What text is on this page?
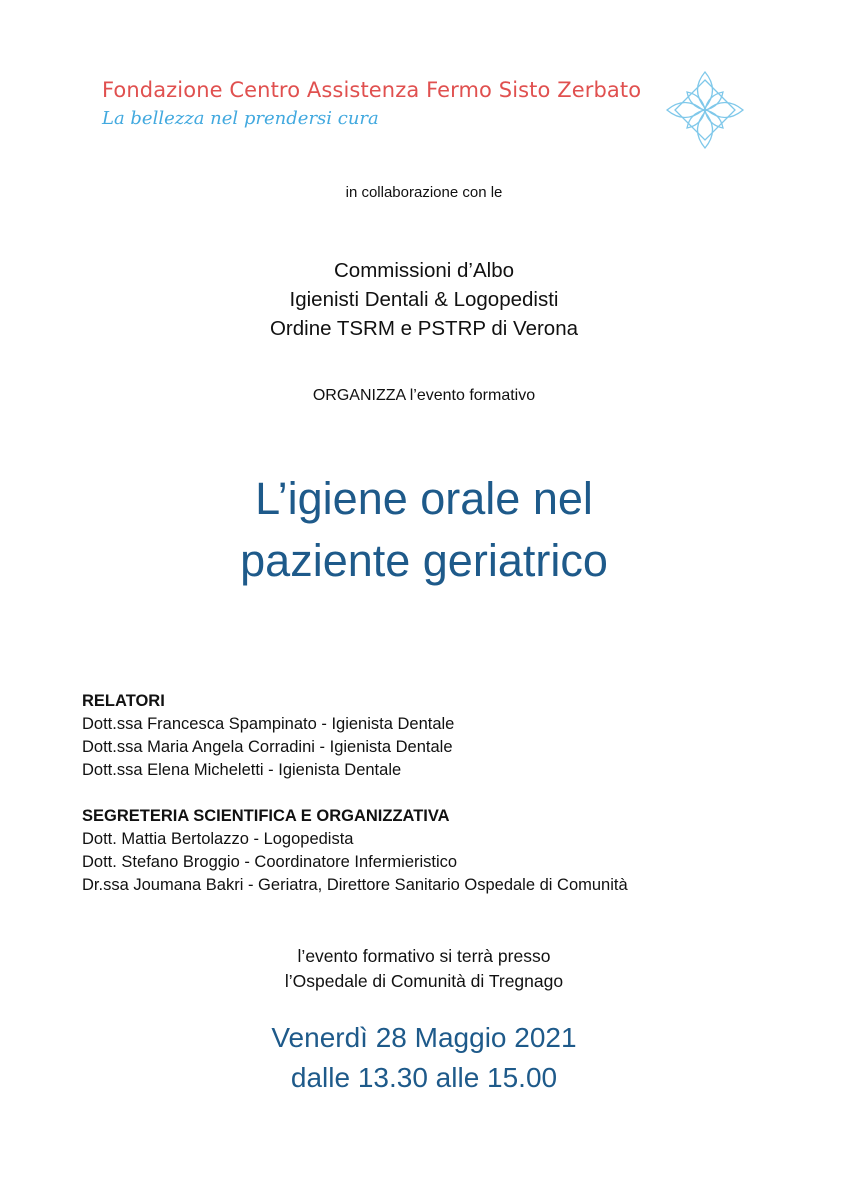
Fondazione Centro Assistenza Fermo Sisto Zerbato
La bellezza nel prendersi cura
in collaborazione con le
Commissioni d’Albo
Igienisti Dentali & Logopedisti
Ordine TSRM e PSTRP di Verona
ORGANIZZA l’evento formativo
L’igiene orale nel
paziente geriatrico
RELATORI
Dott.ssa Francesca Spampinato - Igienista Dentale
Dott.ssa Maria Angela Corradini - Igienista Dentale
Dott.ssa Elena Micheletti - Igienista Dentale
SEGRETERIA SCIENTIFICA E ORGANIZZATIVA
Dott. Mattia Bertolazzo - Logopedista
Dott. Stefano Broggio - Coordinatore Infermieristico
Dr.ssa Joumana Bakri - Geriatra, Direttore Sanitario Ospedale di Comunità
l’evento formativo si terrà presso
l’Ospedale di Comunità di Tregnago
Venerdì 28 Maggio 2021
dalle 13.30 alle 15.00
